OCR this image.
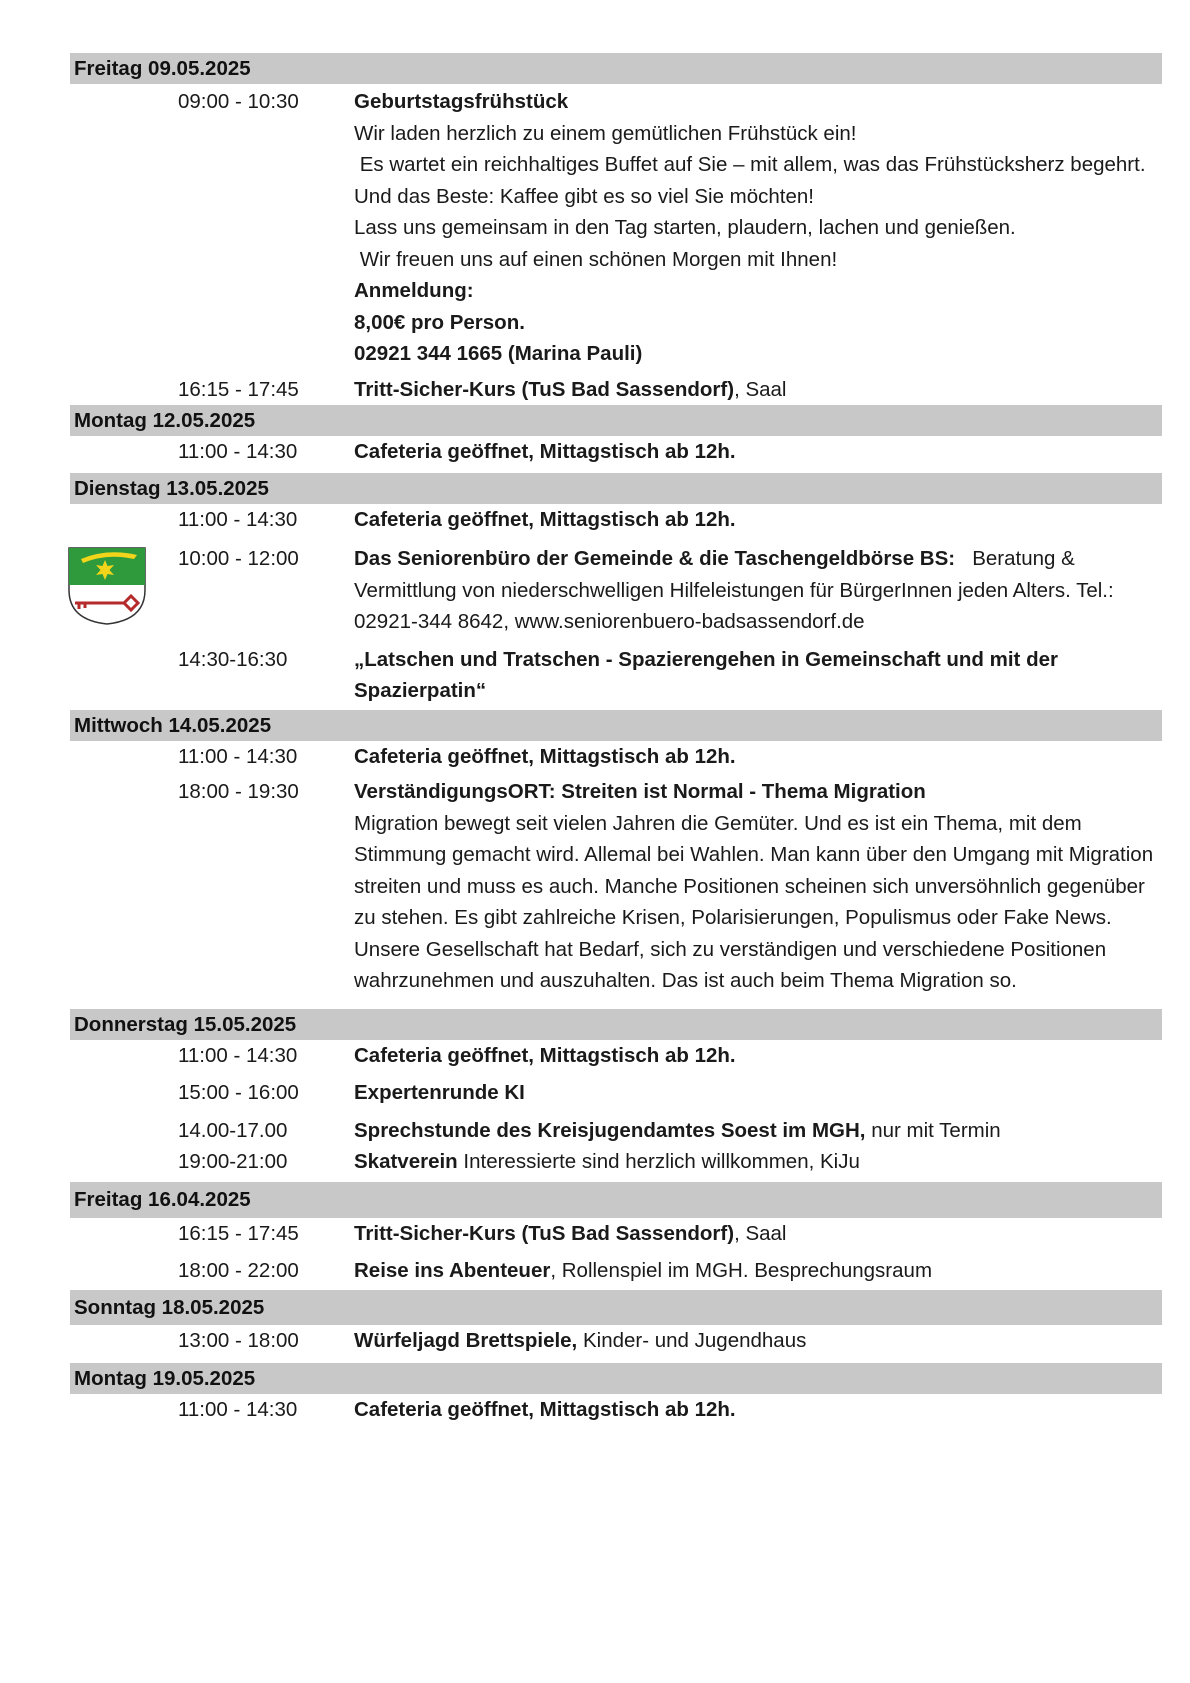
Freitag 09.05.2025
09:00 - 10:30	Geburtstagsfrühstück
Wir laden herzlich zu einem gemütlichen Frühstück ein!
Es wartet ein reichhaltiges Buffet auf Sie – mit allem, was das Frühstücksherz begehrt. Und das Beste: Kaffee gibt es so viel Sie möchten!
Lass uns gemeinsam in den Tag starten, plaudern, lachen und genießen.
Wir freuen uns auf einen schönen Morgen mit Ihnen!
Anmeldung:
8,00€ pro Person.
02921 344 1665 (Marina Pauli)
16:15 - 17:45	Tritt-Sicher-Kurs (TuS Bad Sassendorf), Saal
Montag 12.05.2025
11:00 - 14:30	Cafeteria geöffnet, Mittagstisch ab 12h.
Dienstag 13.05.2025
11:00 - 14:30	Cafeteria geöffnet, Mittagstisch ab 12h.
10:00 - 12:00	Das Seniorenbüro der Gemeinde & die Taschengeldbörse BS:   Beratung & Vermittlung von niederschwelligen Hilfeleistungen für BürgerInnen jeden Alters. Tel.: 02921-344 8642, www.seniorenbuero-badsassendorf.de
14:30-16:30	„Latschen und Tratschen - Spazierengehen in Gemeinschaft und mit der Spazierpatin“
Mittwoch 14.05.2025
11:00 - 14:30	Cafeteria geöffnet, Mittagstisch ab 12h.
18:00 - 19:30	VerständigungsORT: Streiten ist Normal - Thema Migration
Migration bewegt seit vielen Jahren die Gemüter. Und es ist ein Thema, mit dem Stimmung gemacht wird. Allemal bei Wahlen. Man kann über den Umgang mit Migration streiten und muss es auch. Manche Positionen scheinen sich unversöhnlich gegenüber zu stehen. Es gibt zahlreiche Krisen, Polarisierungen, Populismus oder Fake News. Unsere Gesellschaft hat Bedarf, sich zu verständigen und verschiedene Positionen wahrzunehmen und auszuhalten. Das ist auch beim Thema Migration so.
Donnerstag 15.05.2025
11:00 - 14:30	Cafeteria geöffnet, Mittagstisch ab 12h.
15:00 - 16:00	Expertenrunde KI
14.00-17.00	Sprechstunde des Kreisjugendamtes Soest im MGH, nur mit Termin
19:00-21:00	Skatverein Interessierte sind herzlich willkommen, KiJu
Freitag 16.04.2025
16:15 - 17:45	Tritt-Sicher-Kurs (TuS Bad Sassendorf), Saal
18:00 - 22:00	Reise ins Abenteuer, Rollenspiel im MGH. Besprechungsraum
Sonntag 18.05.2025
13:00 - 18:00	Würfeljagd Brettspiele, Kinder- und Jugendhaus
Montag 19.05.2025
11:00 - 14:30	Cafeteria geöffnet, Mittagstisch ab 12h.
